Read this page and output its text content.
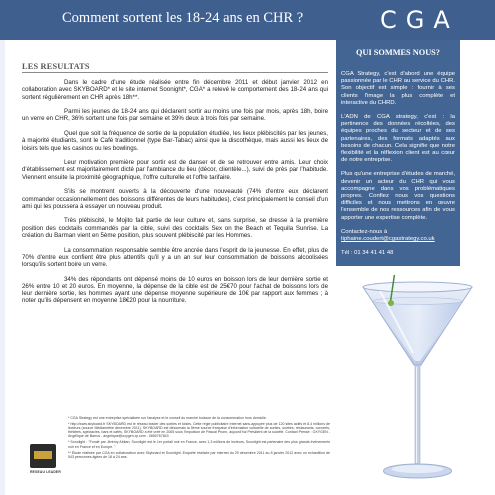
Comment sortent les 18-24 ans en CHR ?	CGA
LES RESULTATS

Dans le cadre d'une étude réalisée entre fin décembre 2011 et début janvier 2012 en collaboration avec SKYBOARD* et le site internet Soonight*, CGA* a relevé le comportement des 18-24 ans qui sortent régulièrement en CHR après 18h**.

Parmi les jeunes de 18-24 ans qui déclarent sortir au moins une fois par mois, après 18h, boire un verre en CHR, 36% sortent une fois par semaine et 39% deux à trois fois par semaine.

Quel que soit la fréquence de sortie de la population étudiée, les lieux plébiscités par les jeunes, à majorité étudiants, sont le Café traditionnel (type Bar-Tabac) ainsi que la discothèque, mais aussi les lieux de loisirs tels que les casinos ou les bowlings.

Leur motivation première pour sortir est de danser et de se retrouver entre amis. Leur choix d'établissement est majoritairement dicté par l'ambiance du lieu (décor, clientèle...), suivi de près par l'habitude. Viennent ensuite la proximité géographique, l'offre culturelle et l'offre tarifaire.

S'ils se montrent ouverts à la découverte d'une nouveauté (74% d'entre eux déclarent commander occasionnellement des boissons différentes de leurs habitudes), c'est principalement le conseil d'un ami qui les poussera à essayer un nouveau produit.

Très plébiscité, le Mojito fait partie de leur culture et, sans surprise, se dresse à la première position des cocktails commandés par la cible, suivi des cocktails Sex on the Beach et Tequila Sunrise. La création du Barman vient en 5ème position, plus souvent plébiscité par les Hommes.

La consommation responsable semble être ancrée dans l'esprit de la jeunesse. En effet, plus de 70% d'entre eux confient être plus attentifs qu'il y a un an sur leur consommation de boissons alcoolisées lorsqu'ils sortent boire un verre.

34% des répondants ont dépensé moins de 10 euros en boisson lors de leur dernière sortie et 26% entre 10 et 20 euros. En moyenne, la dépense de la cible est de 25€70 pour l'achat de boissons lors de leur dernière sortie, les hommes ayant une dépense moyenne supérieure de 10€ par rapport aux femmes ; à noter qu'ils dépensent en moyenne 18€20 pour la nourriture.

QUI SOMMES NOUS?

CGA Strategy, c'est d'abord une équipe passionnée par le CHR au service du CHR. Son objectif est simple : fournir à ses clients l'image la plus complète et interactive du CHRD.

L'ADN de CGA strategy, c'est : la pertinence des données récoltées, des équipes proches du secteur et de ses partenaires, des formats adaptés aux besoins de chacun. Cela signifie que notre flexibilité et la réflexion client est au cœur de notre entreprise.

Plus qu'une entreprise d'études de marché, devenir un acteur du CHR qui vous accompagne dans vos problématiques propres. Confiez nous vos questions difficiles et nous mettrons en œuvre l'ensemble de nos ressources afin de vous apporter une expertise complète.

Contactez-nous à

tiphaine.coudert@cgastrategy.co.uk

Tél : 01 34 41 41 48

RESEAU LEADER

* CGA Strategy est une entreprise spécialisée sur l'analyse et le conseil du marché boisson de la consommation hors domicile.

* http://www.skyboard.fr SKYBOARD est le réseau leader des sorties et loisirs. Cette régie publicitaire Internet sans-appuyée plus de 120 sites actifs et 8,4 millions de lecteurs (source Médiamétrie décembre 2011). SKYBOARD est désormais la 5ème source française d'information culturelle de sorties, soirées, restaurants, concerts, théâtres, spectacles, bars et cafés. SKYBOARD a été créé en 2005 sous l'impulsion de Pascal Prunn, aujourd'hui Président de la société. Contact Presse : OXYGEN - Angélique de Barros - angelique@oxygen-rp.com - 0650767843

* Soonlight : "Fondé par Jérémy Abitan, Soonlight est le 1er portail noir en France, avec 1,3 millions de lecteurs, Soonlight est partenaire des plus grands événements noir en France et en Europe. "

** Étude réalisée par CGA en collaboration avec Skyboard et Soonlight. Enquête réalisée par internet du 29 décembre 2011 au 8 janvier 2012 avec un échantillon de 543 personnes âgées de 18 à 24 ans.
